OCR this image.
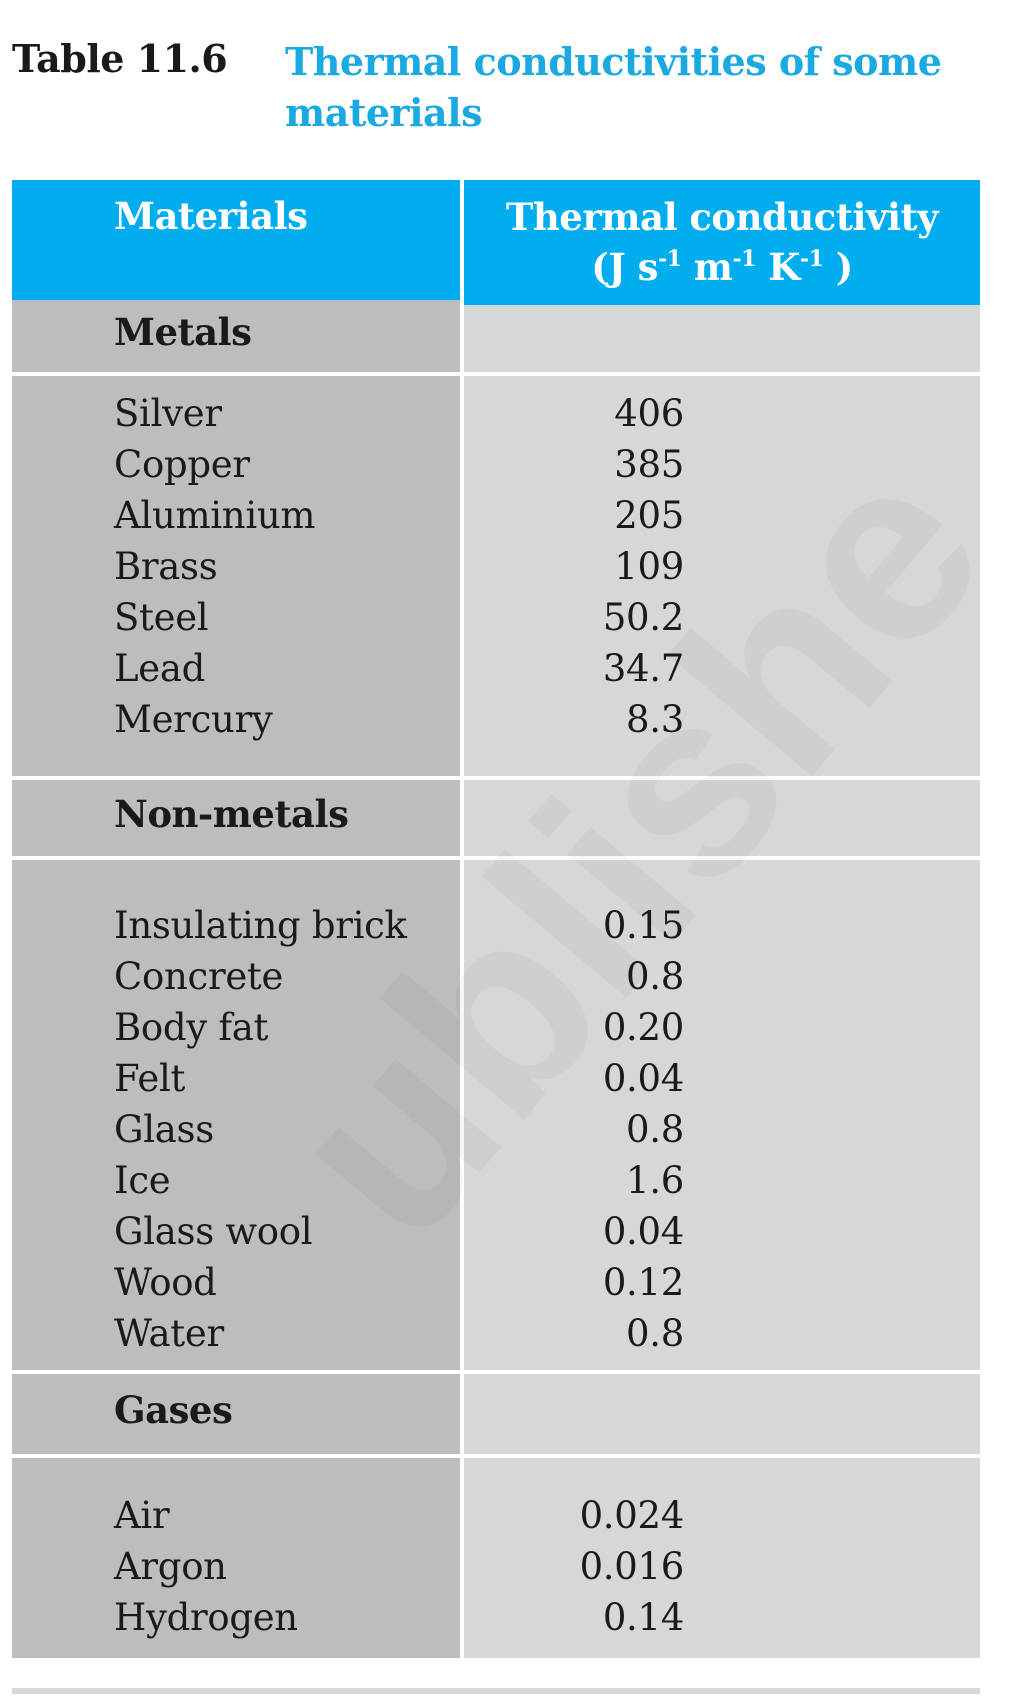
Table 11.6 Thermal conductivities of some materials
Materials	Thermal conductivity
(J $s^{-1}$ $m^{-1}$ $K^{-1}$ )
Metals
Silver
Copper
Aluminium
Brass
Steel
Lead
Mercury
406
385
205
109
50.2
34.7
8.3
Non-metals
Insulating brick
Concrete
Body fat
Felt
Glass
Ice
Glass wool
Wood
Water
0.15
0.8
0.20
0.04
0.8
1.6
0.04
0.12
0.8
Gases
Air
Argon
Hydrogen
0.024
0.016
0.14
